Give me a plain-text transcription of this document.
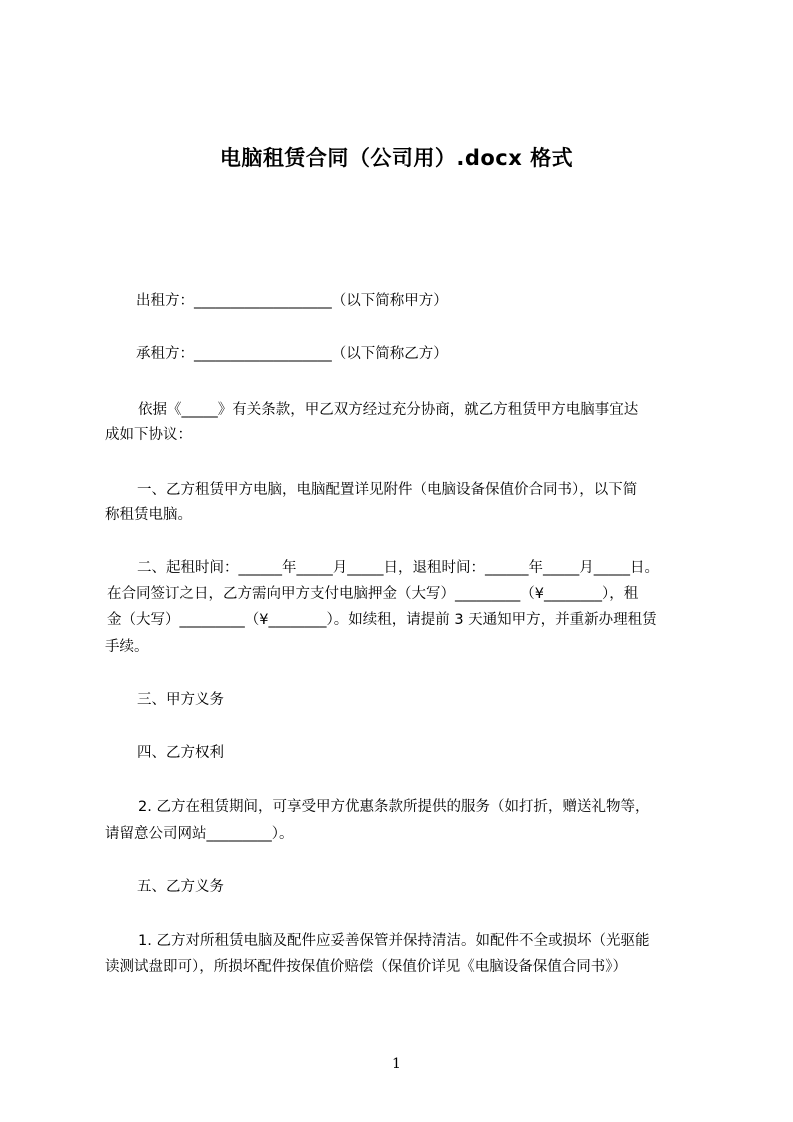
电脑租赁合同（公司用）.docx 格式
出租方：___________________（以下简称甲方）
承租方：___________________（以下简称乙方）
依据《_____》有关条款，甲乙双方经过充分协商，就乙方租赁甲方电脑事宜达
成如下协议：
一、乙方租赁甲方电脑，电脑配置详见附件（电脑设备保值价合同书），以下简
称租赁电脑。
二、起租时间：______年_____月_____日，退租时间：______年_____月_____日。
在合同签订之日，乙方需向甲方支付电脑押金（大写）_________（¥________），租
金（大写）_________（¥________）。如续租，请提前 3 天通知甲方，并重新办理租赁
手续。
三、甲方义务
四、乙方权利
2. 乙方在租赁期间，可享受甲方优惠条款所提供的服务（如打折，赠送礼物等，
请留意公司网站_________）。
五、乙方义务
1. 乙方对所租赁电脑及配件应妥善保管并保持清洁。如配件不全或损坏（光驱能
读测试盘即可），所损坏配件按保值价赔偿（保值价详见《电脑设备保值合同书》）
1
